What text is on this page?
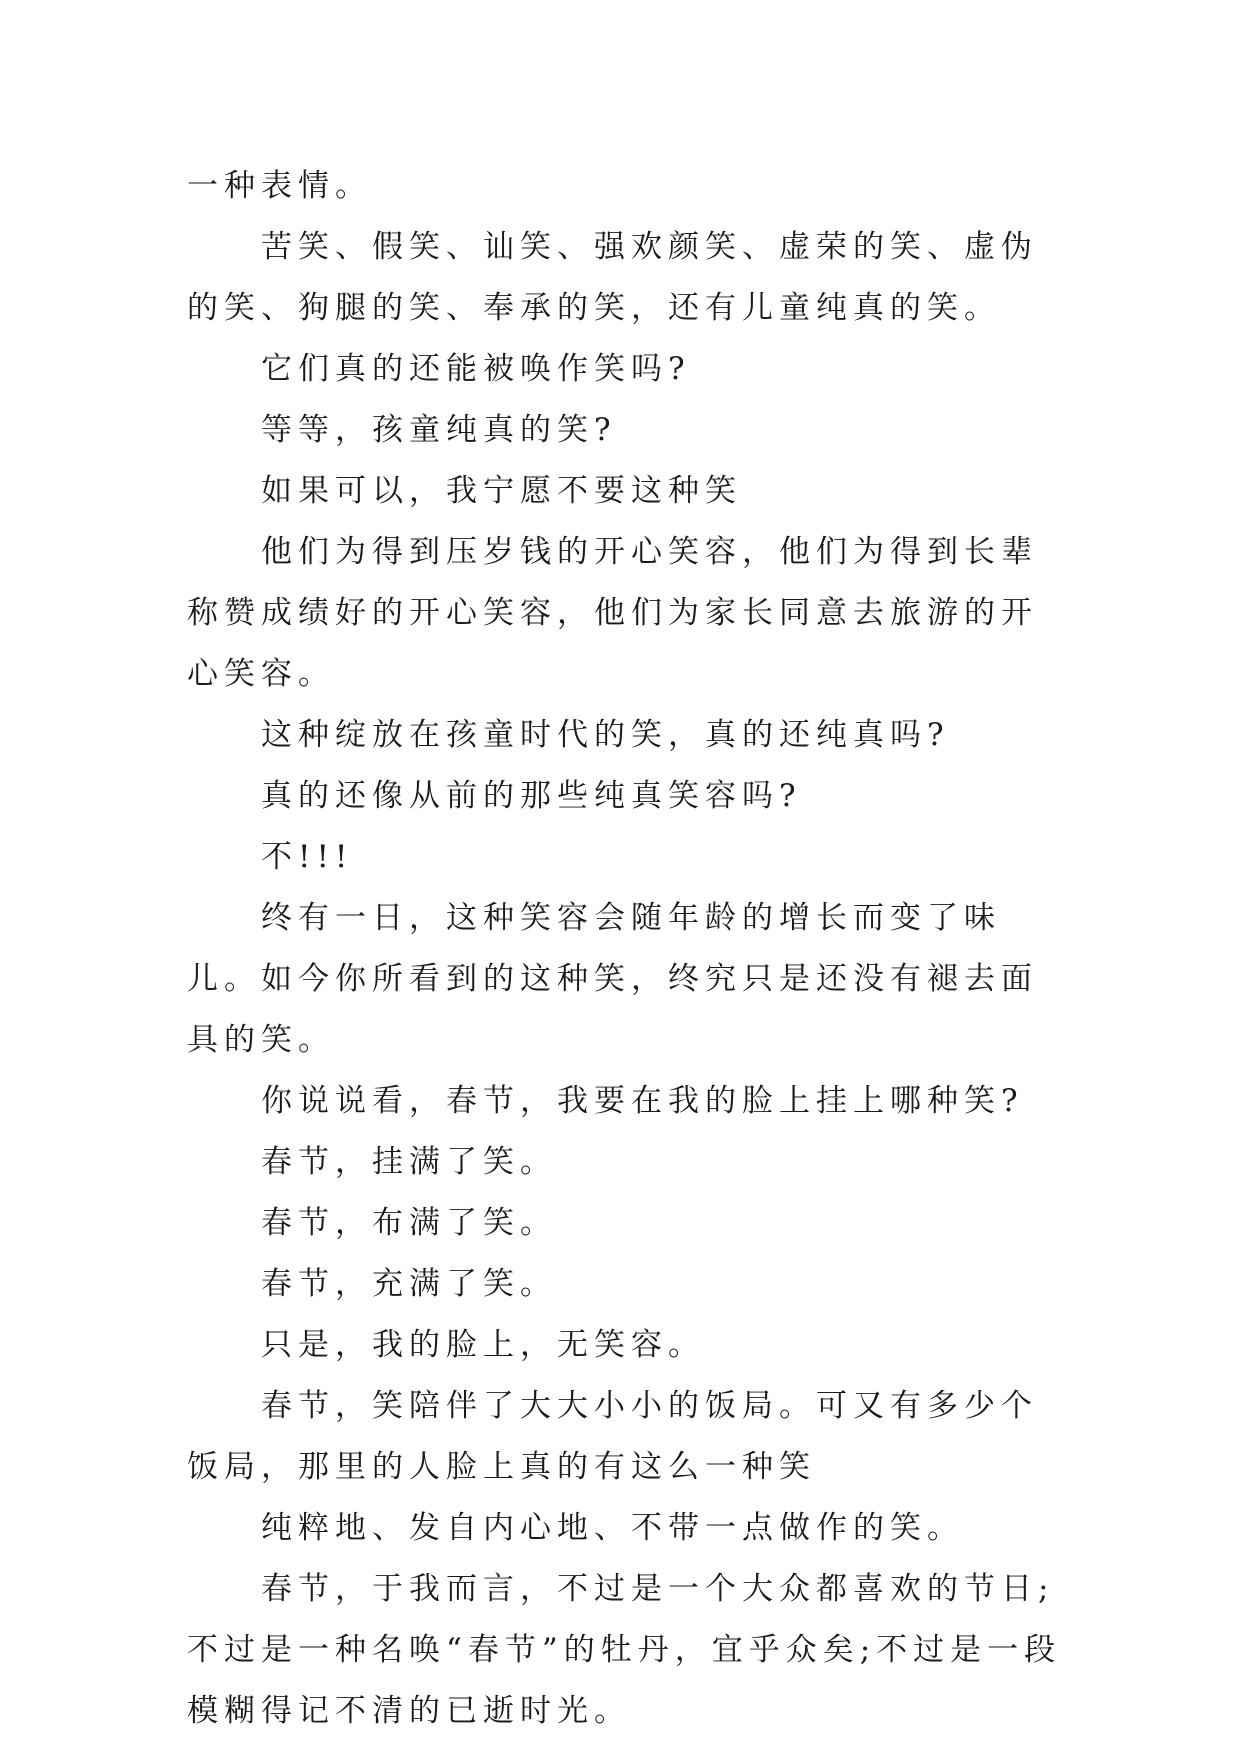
一种表情。

苦笑、假笑、讪笑、强欢颜笑、虚荣的笑、虚伪的笑、狗腿的笑、奉承的笑，还有儿童纯真的笑。

它们真的还能被唤作笑吗?

等等，孩童纯真的笑?

如果可以，我宁愿不要这种笑

他们为得到压岁钱的开心笑容，他们为得到长辈称赞成绩好的开心笑容，他们为家长同意去旅游的开心笑容。

这种绽放在孩童时代的笑，真的还纯真吗?

真的还像从前的那些纯真笑容吗?

不!!!

终有一日，这种笑容会随年龄的增长而变了味儿。如今你所看到的这种笑，终究只是还没有褪去面具的笑。

你说说看，春节，我要在我的脸上挂上哪种笑?

春节，挂满了笑。

春节，布满了笑。

春节，充满了笑。

只是，我的脸上，无笑容。

春节，笑陪伴了大大小小的饭局。可又有多少个饭局，那里的人脸上真的有这么一种笑

纯粹地、发自内心地、不带一点做作的笑。

春节，于我而言，不过是一个大众都喜欢的节日;不过是一种名唤“春节”的牡丹，宜乎众矣;不过是一段模糊得记不清的已逝时光。
